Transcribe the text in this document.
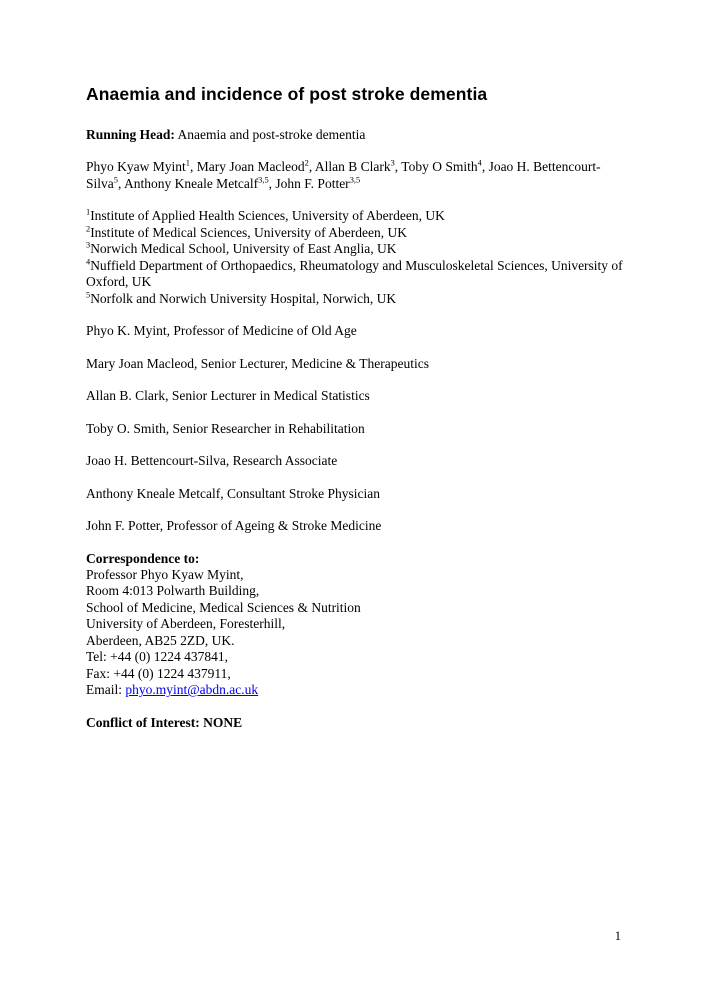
Anaemia and incidence of post stroke dementia

Running Head: Anaemia and post-stroke dementia

Phyo Kyaw Myint$^1$, Mary Joan Macleod$^2$, Allan B Clark$^3$, Toby O Smith$^4$, Joao H. Bettencourt-Silva$^5$, Anthony Kneale Metcalf$^{3,5}$, John F. Potter$^{3,5}$

$^1$Institute of Applied Health Sciences, University of Aberdeen, UK

$^2$Institute of Medical Sciences, University of Aberdeen, UK

$^3$Norwich Medical School, University of East Anglia, UK

$^4$Nuffield Department of Orthopaedics, Rheumatology and Musculoskeletal Sciences, University of Oxford, UK

$^5$Norfolk and Norwich University Hospital, Norwich, UK

Phyo K. Myint, Professor of Medicine of Old Age

Mary Joan Macleod, Senior Lecturer, Medicine & Therapeutics

Allan B. Clark, Senior Lecturer in Medical Statistics

Toby O. Smith, Senior Researcher in Rehabilitation

Joao H. Bettencourt-Silva, Research Associate

Anthony Kneale Metcalf, Consultant Stroke Physician

John F. Potter, Professor of Ageing & Stroke Medicine

Correspondence to:

Professor Phyo Kyaw Myint,

Room 4:013 Polwarth Building,

School of Medicine, Medical Sciences & Nutrition

University of Aberdeen, Foresterhill,

Aberdeen, AB25 2ZD, UK.

Tel: +44 (0) 1224 437841,

Fax: +44 (0) 1224 437911,

Email: phyo.myint@abdn.ac.uk

Conflict of Interest: NONE

1
